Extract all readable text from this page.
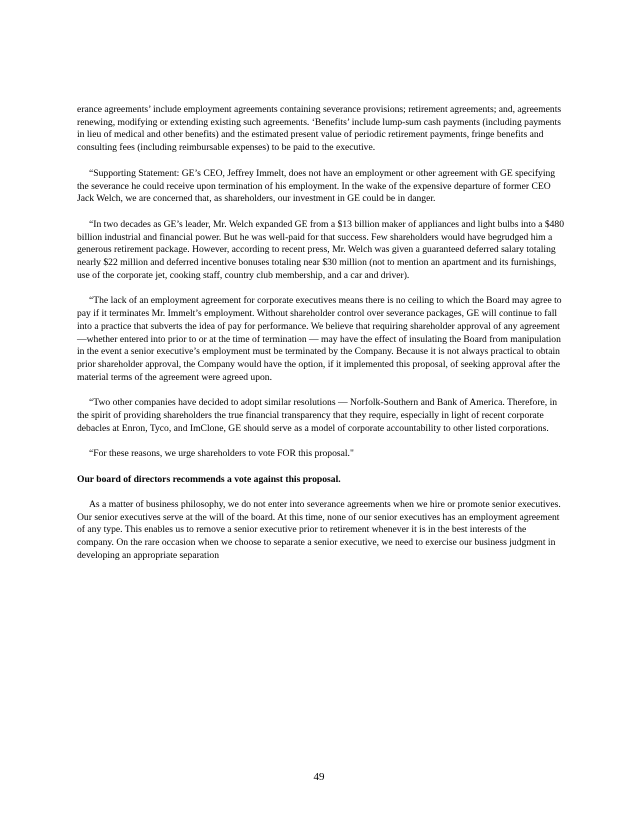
erance agreements’ include employment agreements containing severance provisions; retirement agreements; and, agreements renewing, modifying or extending existing such agreements. ‘Benefits’ include lump-sum cash payments (including payments in lieu of medical and other benefits) and the estimated present value of periodic retirement payments, fringe benefits and consulting fees (including reimbursable expenses) to be paid to the executive.

“Supporting Statement: GE’s CEO, Jeffrey Immelt, does not have an employment or other agreement with GE specifying the severance he could receive upon termination of his employment. In the wake of the expensive departure of former CEO Jack Welch, we are concerned that, as shareholders, our investment in GE could be in danger.

“In two decades as GE’s leader, Mr. Welch expanded GE from a $13 billion maker of appliances and light bulbs into a $480 billion industrial and financial power. But he was well-paid for that success. Few shareholders would have begrudged him a generous retirement package. However, according to recent press, Mr. Welch was given a guaranteed deferred salary totaling nearly $22 million and deferred incentive bonuses totaling near $30 million (not to mention an apartment and its furnishings, use of the corporate jet, cooking staff, country club membership, and a car and driver).

“The lack of an employment agreement for corporate executives means there is no ceiling to which the Board may agree to pay if it terminates Mr. Immelt’s employment. Without shareholder control over severance packages, GE will continue to fall into a practice that subverts the idea of pay for performance. We believe that requiring shareholder approval of any agreement —whether entered into prior to or at the time of termination — may have the effect of insulating the Board from manipulation in the event a senior executive’s employment must be terminated by the Company. Because it is not always practical to obtain prior shareholder approval, the Company would have the option, if it implemented this proposal, of seeking approval after the material terms of the agreement were agreed upon.

“Two other companies have decided to adopt similar resolutions — Norfolk-Southern and Bank of America. Therefore, in the spirit of providing shareholders the true financial transparency that they require, especially in light of recent corporate debacles at Enron, Tyco, and ImClone, GE should serve as a model of corporate accountability to other listed corporations.

“For these reasons, we urge shareholders to vote FOR this proposal."

Our board of directors recommends a vote against this proposal.

As a matter of business philosophy, we do not enter into severance agreements when we hire or promote senior executives. Our senior executives serve at the will of the board. At this time, none of our senior executives has an employment agreement of any type. This enables us to remove a senior executive prior to retirement whenever it is in the best interests of the company. On the rare occasion when we choose to separate a senior executive, we need to exercise our business judgment in developing an appropriate separation

49
